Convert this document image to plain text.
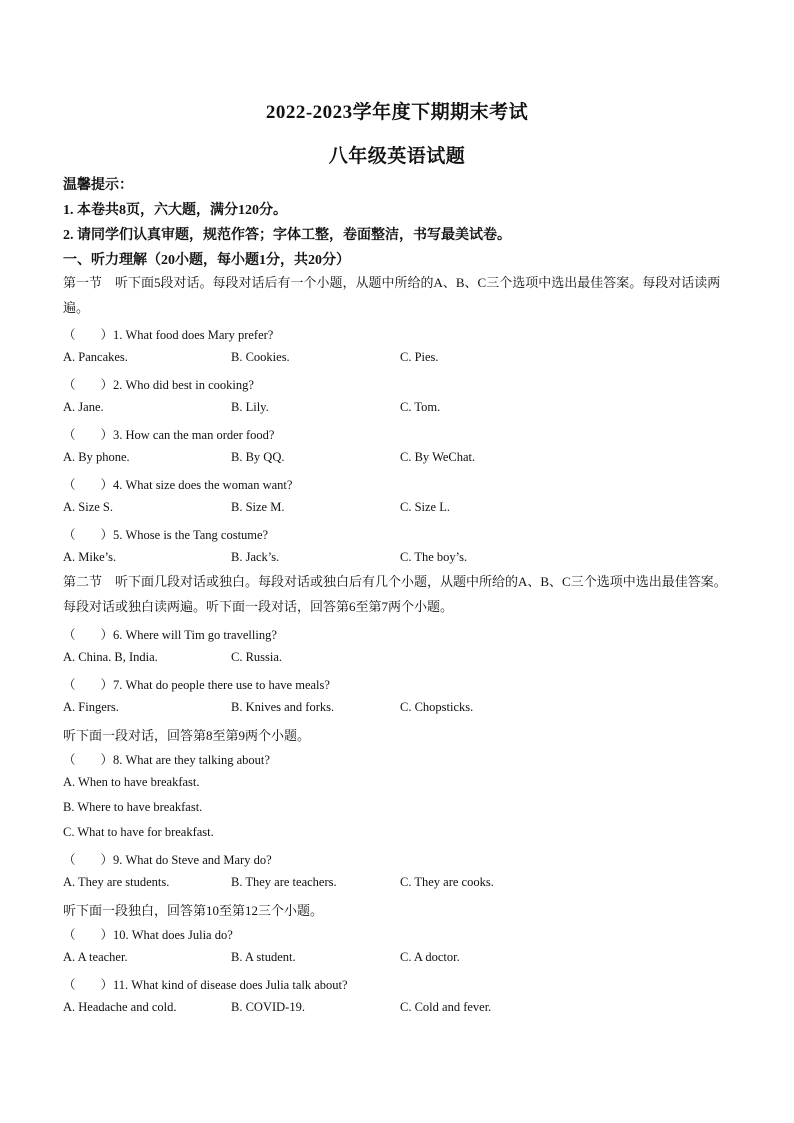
2022-2023学年度下期期末考试
八年级英语试题
温馨提示：
1. 本卷共8页，六大题，满分120分。
2. 请同学们认真审题，规范作答；字体工整，卷面整洁，书写最美试卷。
一、听力理解（20小题，每小题1分，共20分）
第一节　听下面5段对话。每段对话后有一个小题，从题中所给的A、B、C三个选项中选出最佳答案。每段对话读两遍。
（　　）1. What food does Mary prefer?
A. Pancakes.	B. Cookies.	C. Pies.
（　　）2. Who did best in cooking?
A. Jane.	B. Lily.	C. Tom.
（　　）3. How can the man order food?
A. By phone.	B. By QQ.	C. By WeChat.
（　　）4. What size does the woman want?
A. Size S.	B. Size M.	C. Size L.
（　　）5. Whose is the Tang costume?
A. Mike’s.	B. Jack’s.	C. The boy’s.
第二节　听下面几段对话或独白。每段对话或独白后有几个小题，从题中所给的A、B、C三个选项中选出最佳答案。每段对话或独白读两遍。听下面一段对话，回答第6至第7两个小题。
（　　）6. Where will Tim go travelling?
A. China. B, India.	C. Russia.
（　　）7. What do people there use to have meals?
A. Fingers.	B. Knives and forks.	C. Chopsticks.
听下面一段对话，回答第8至第9两个小题。
（　　）8. What are they talking about?
A. When to have breakfast.
B. Where to have breakfast.
C. What to have for breakfast.
（　　）9. What do Steve and Mary do?
A. They are students.	B. They are teachers.	C. They are cooks.
听下面一段独白，回答第10至第12三个小题。
（　　）10. What does Julia do?
A. A teacher.	B. A student.	C. A doctor.
（　　）11. What kind of disease does Julia talk about?
A. Headache and cold.	B. COVID-19.	C. Cold and fever.
